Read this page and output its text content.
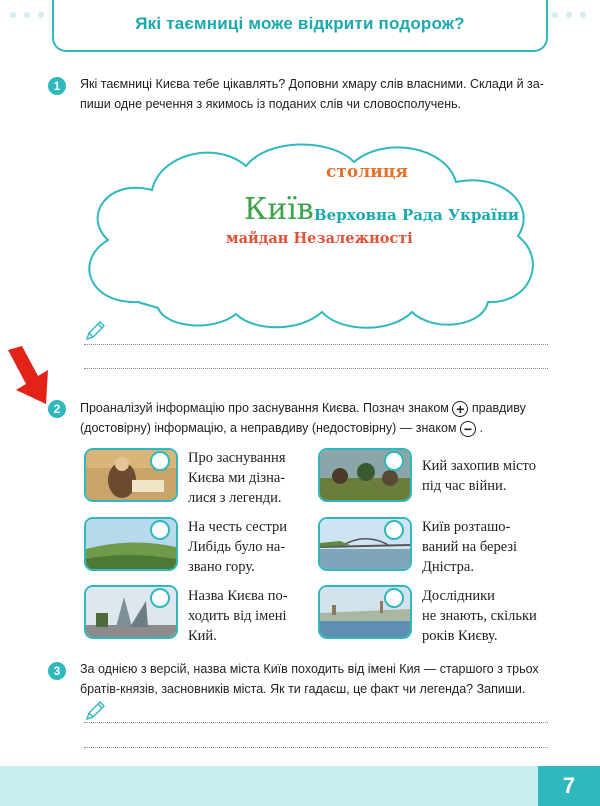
Які таємниці може відкрити подорож?
1	Які таємниці Києва тебе цікавлять? Доповни хмару слів власними. Склади й за-
пиши одне речення з якимось із поданих слів чи словосполучень.
столиця
Київ Верховна Рада України
майдан Незалежності
2	Проаналізуй інформацію про заснування Києва. Познач знаком + правдиву
(достовірну) інформацію, а неправдиву (недостовірну) — знаком − .
Про заснування
Києва ми дізна-
лися з легенди.
Кий захопив місто
під час війни.
На честь сестри
Либідь було на-
звано гору.
Київ розташо-
ваний на березі
Дністра.
Назва Києва по-
ходить від імені
Кий.
Дослідники
не знають, скільки
років Києву.
3	За однією з версій, назва міста Київ походить від імені Кия — старшого з трьох
братів-князів, засновників міста. Як ти гадаєш, це факт чи легенда? Запиши.
7
